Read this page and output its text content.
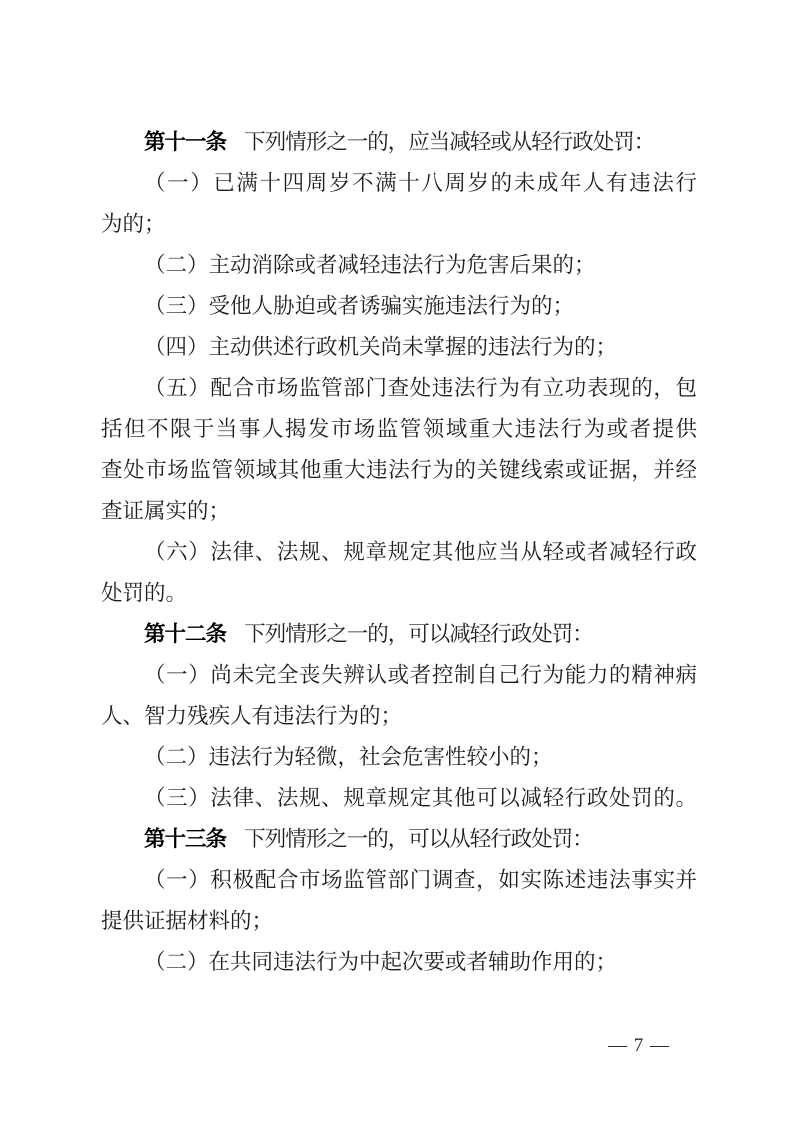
第十一条 下列情形之一的，应当减轻或从轻行政处罚：
（一）已满十四周岁不满十八周岁的未成年人有违法行
为的；
（二）主动消除或者减轻违法行为危害后果的；
（三）受他人胁迫或者诱骗实施违法行为的；
（四）主动供述行政机关尚未掌握的违法行为的；
（五）配合市场监管部门查处违法行为有立功表现的，包
括但不限于当事人揭发市场监管领域重大违法行为或者提供
查处市场监管领域其他重大违法行为的关键线索或证据，并经
查证属实的；
（六）法律、法规、规章规定其他应当从轻或者减轻行政
处罚的。
第十二条 下列情形之一的，可以减轻行政处罚：
（一）尚未完全丧失辨认或者控制自己行为能力的精神病
人、智力残疾人有违法行为的；
（二）违法行为轻微，社会危害性较小的；
（三）法律、法规、规章规定其他可以减轻行政处罚的。
第十三条 下列情形之一的，可以从轻行政处罚：
（一）积极配合市场监管部门调查，如实陈述违法事实并
提供证据材料的；
（二）在共同违法行为中起次要或者辅助作用的；
— 7 —
